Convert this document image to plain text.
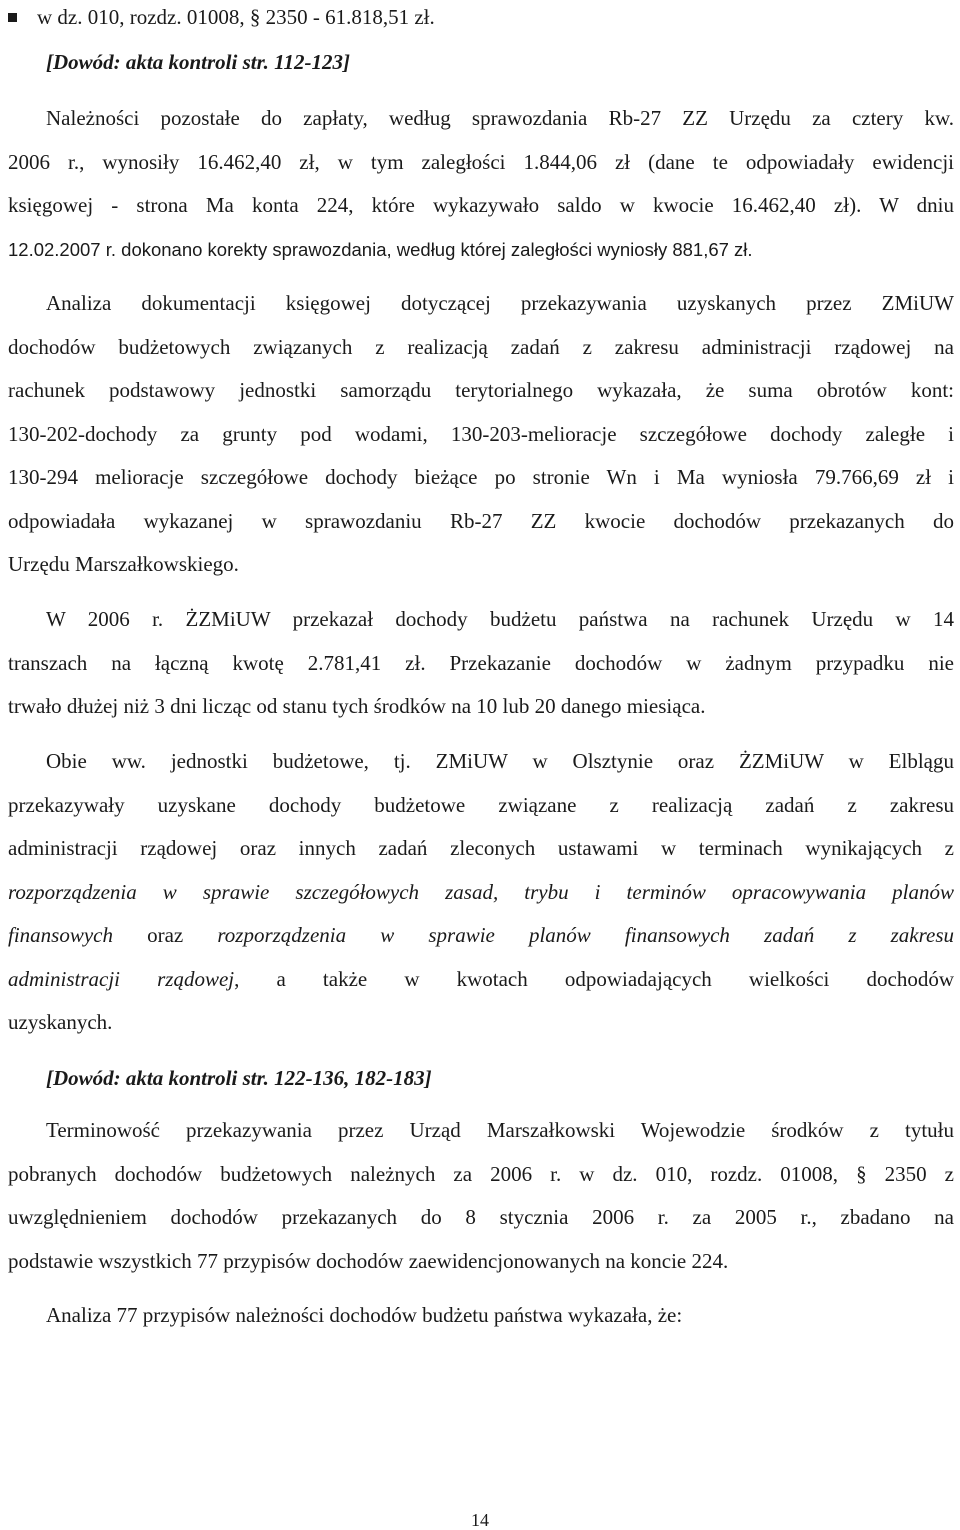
w dz. 010, rozdz. 01008, § 2350 - 61.818,51 zł.
[Dowód: akta kontroli str. 112-123]
Należności pozostałe do zapłaty, według sprawozdania Rb-27 ZZ Urzędu za cztery kw.
2006 r., wynosiły 16.462,40 zł, w tym zaległości 1.844,06 zł (dane te odpowiadały ewidencji
księgowej - strona Ma konta 224, które wykazywało saldo w kwocie 16.462,40 zł). W dniu
12.02.2007 r. dokonano korekty sprawozdania, według której zaległości wyniosły 881,67 zł.
Analiza dokumentacji księgowej dotyczącej przekazywania uzyskanych przez ZMiUW
dochodów budżetowych związanych z realizacją zadań z zakresu administracji rządowej na
rachunek podstawowy jednostki samorządu terytorialnego wykazała, że suma obrotów kont:
130-202-dochody za grunty pod wodami, 130-203-melioracje szczegółowe dochody zaległe i
130-294 melioracje szczegółowe dochody bieżące po stronie Wn i Ma wyniosła 79.766,69 zł i
odpowiadała wykazanej w sprawozdaniu Rb-27 ZZ kwocie dochodów przekazanych do
Urzędu Marszałkowskiego.
W 2006 r. ŻZMiUW przekazał dochody budżetu państwa na rachunek Urzędu w 14
transzach na łączną kwotę 2.781,41 zł. Przekazanie dochodów w żadnym przypadku nie
trwało dłużej niż 3 dni licząc od stanu tych środków na 10 lub 20 danego miesiąca.
Obie ww. jednostki budżetowe, tj. ZMiUW w Olsztynie oraz ŻZMiUW w Elblągu
przekazywały uzyskane dochody budżetowe związane z realizacją zadań z zakresu
administracji rządowej oraz innych zadań zleconych ustawami w terminach wynikających z
rozporządzenia w sprawie szczegółowych zasad, trybu i terminów opracowywania planów
finansowych oraz rozporządzenia w sprawie planów finansowych zadań z zakresu
administracji rządowej, a także w kwotach odpowiadających wielkości dochodów
uzyskanych.
[Dowód: akta kontroli str. 122-136, 182-183]
Terminowość przekazywania przez Urząd Marszałkowski Wojewodzie środków z tytułu
pobranych dochodów budżetowych należnych za 2006 r. w dz. 010, rozdz. 01008, § 2350 z
uwzględnieniem dochodów przekazanych do 8 stycznia 2006 r. za 2005 r., zbadano na
podstawie wszystkich 77 przypisów dochodów zaewidencjonowanych na koncie 224.
Analiza 77 przypisów należności dochodów budżetu państwa wykazała, że:
14
